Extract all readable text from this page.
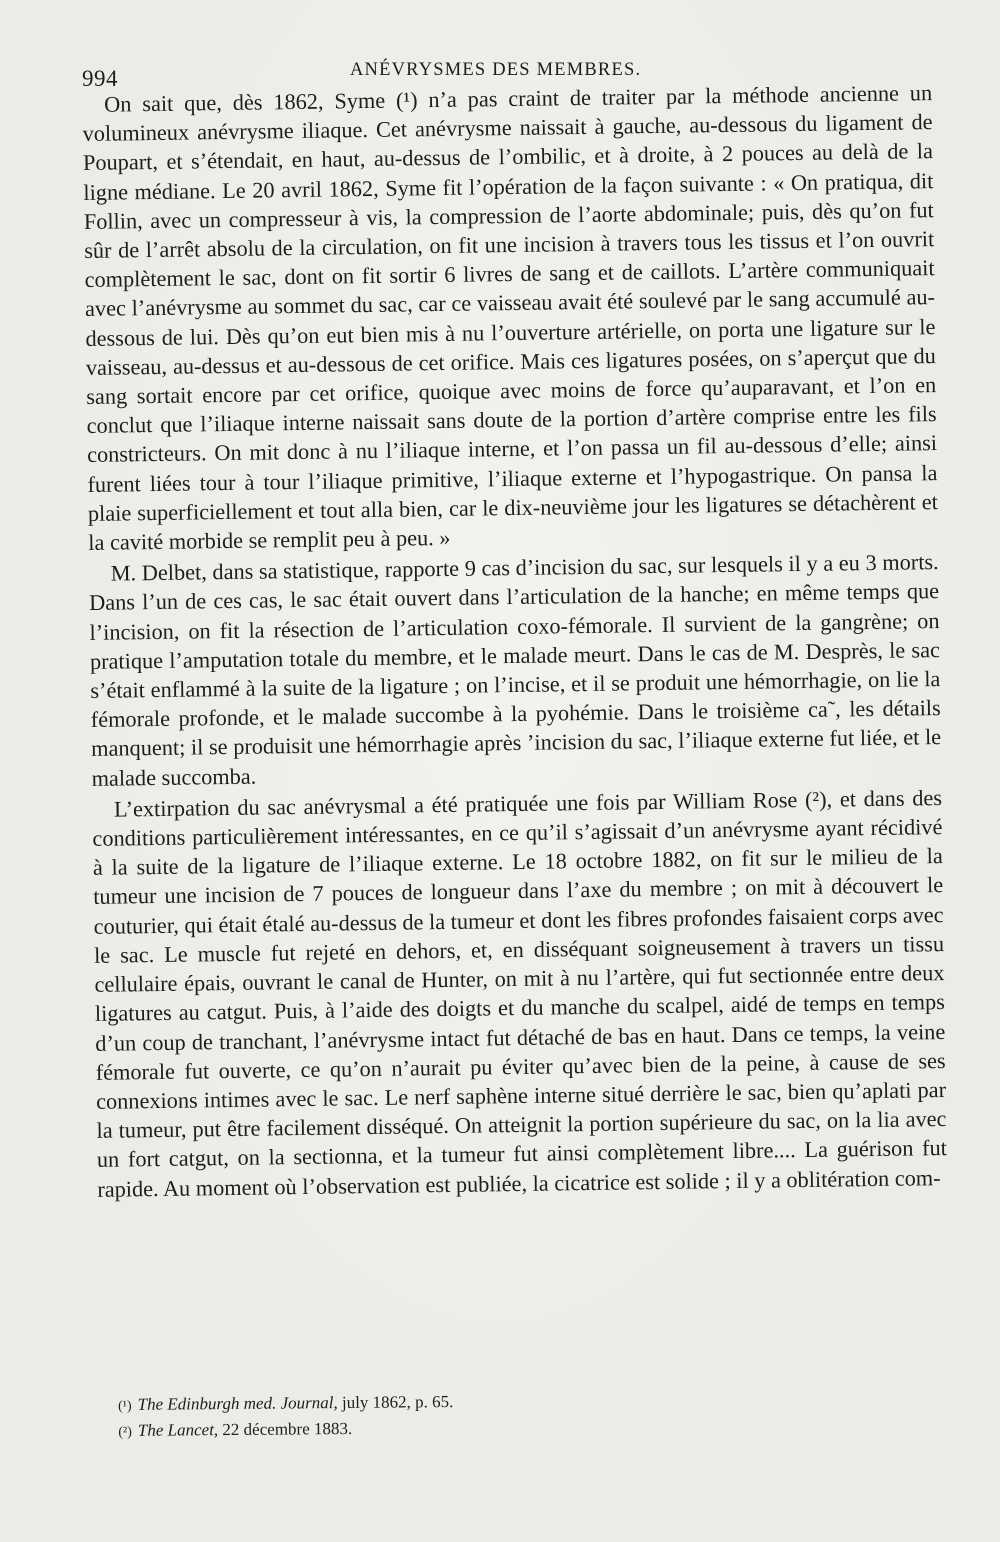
994	ANÉVRYSMES DES MEMBRES.

On sait que, dès 1862, Syme (¹) n’a pas craint de traiter par la méthode ancienne un volumineux anévrysme iliaque. Cet anévrysme naissait à gauche, au-dessous du ligament de Poupart, et s’étendait, en haut, au-dessus de l’ombilic, et à droite, à 2 pouces au delà de la ligne médiane. Le 20 avril 1862, Syme fit l’opération de la façon suivante : « On pratiqua, dit Follin, avec un compresseur à vis, la compression de l’aorte abdominale; puis, dès qu’on fut sûr de l’arrêt absolu de la circulation, on fit une incision à travers tous les tissus et l’on ouvrit complètement le sac, dont on fit sortir 6 livres de sang et de caillots. L’artère communiquait avec l’anévrysme au sommet du sac, car ce vaisseau avait été soulevé par le sang accumulé au-dessous de lui. Dès qu’on eut bien mis à nu l’ouverture artérielle, on porta une ligature sur le vaisseau, au-dessus et au-dessous de cet orifice. Mais ces ligatures posées, on s’aperçut que du sang sortait encore par cet orifice, quoique avec moins de force qu’auparavant, et l’on en conclut que l’iliaque interne naissait sans doute de la portion d’artère comprise entre les fils constricteurs. On mit donc à nu l’iliaque interne, et l’on passa un fil au-dessous d’elle; ainsi furent liées tour à tour l’iliaque primitive, l’iliaque externe et l’hypogastrique. On pansa la plaie superficiellement et tout alla bien, car le dix-neuvième jour les ligatures se détachèrent et la cavité morbide se remplit peu à peu. »

M. Delbet, dans sa statistique, rapporte 9 cas d’incision du sac, sur lesquels il y a eu 3 morts. Dans l’un de ces cas, le sac était ouvert dans l’articulation de la hanche; en même temps que l’incision, on fit la résection de l’articulation coxo-fémorale. Il survient de la gangrène; on pratique l’amputation totale du membre, et le malade meurt. Dans le cas de M. Desprès, le sac s’était enflammé à la suite de la ligature ; on l’incise, et il se produit une hémorrhagie, on lie la fémorale profonde, et le malade succombe à la pyohémie. Dans le troisième ca˜, les détails manquent; il se produisit une hémorrhagie après ’incision du sac, l’iliaque externe fut liée, et le malade succomba.

L’extirpation du sac anévrysmal a été pratiquée une fois par William Rose (²), et dans des conditions particulièrement intéressantes, en ce qu’il s’agissait d’un anévrysme ayant récidivé à la suite de la ligature de l’iliaque externe. Le 18 octobre 1882, on fit sur le milieu de la tumeur une incision de 7 pouces de longueur dans l’axe du membre ; on mit à découvert le couturier, qui était étalé au-dessus de la tumeur et dont les fibres profondes faisaient corps avec le sac. Le muscle fut rejeté en dehors, et, en disséquant soigneusement à travers un tissu cellulaire épais, ouvrant le canal de Hunter, on mit à nu l’artère, qui fut sectionnée entre deux ligatures au catgut. Puis, à l’aide des doigts et du manche du scalpel, aidé de temps en temps d’un coup de tranchant, l’anévrysme intact fut détaché de bas en haut. Dans ce temps, la veine fémorale fut ouverte, ce qu’on n’aurait pu éviter qu’avec bien de la peine, à cause de ses connexions intimes avec le sac. Le nerf saphène interne situé derrière le sac, bien qu’aplati par la tumeur, put être facilement disséqué. On atteignit la portion supérieure du sac, on la lia avec un fort catgut, on la sectionna, et la tumeur fut ainsi complètement libre.... La guérison fut rapide. Au moment où l’observation est publiée, la cicatrice est solide ; il y a oblitération com-

(¹) The Edinburgh med. Journal, july 1862, p. 65.
(²) The Lancet, 22 décembre 1883.
